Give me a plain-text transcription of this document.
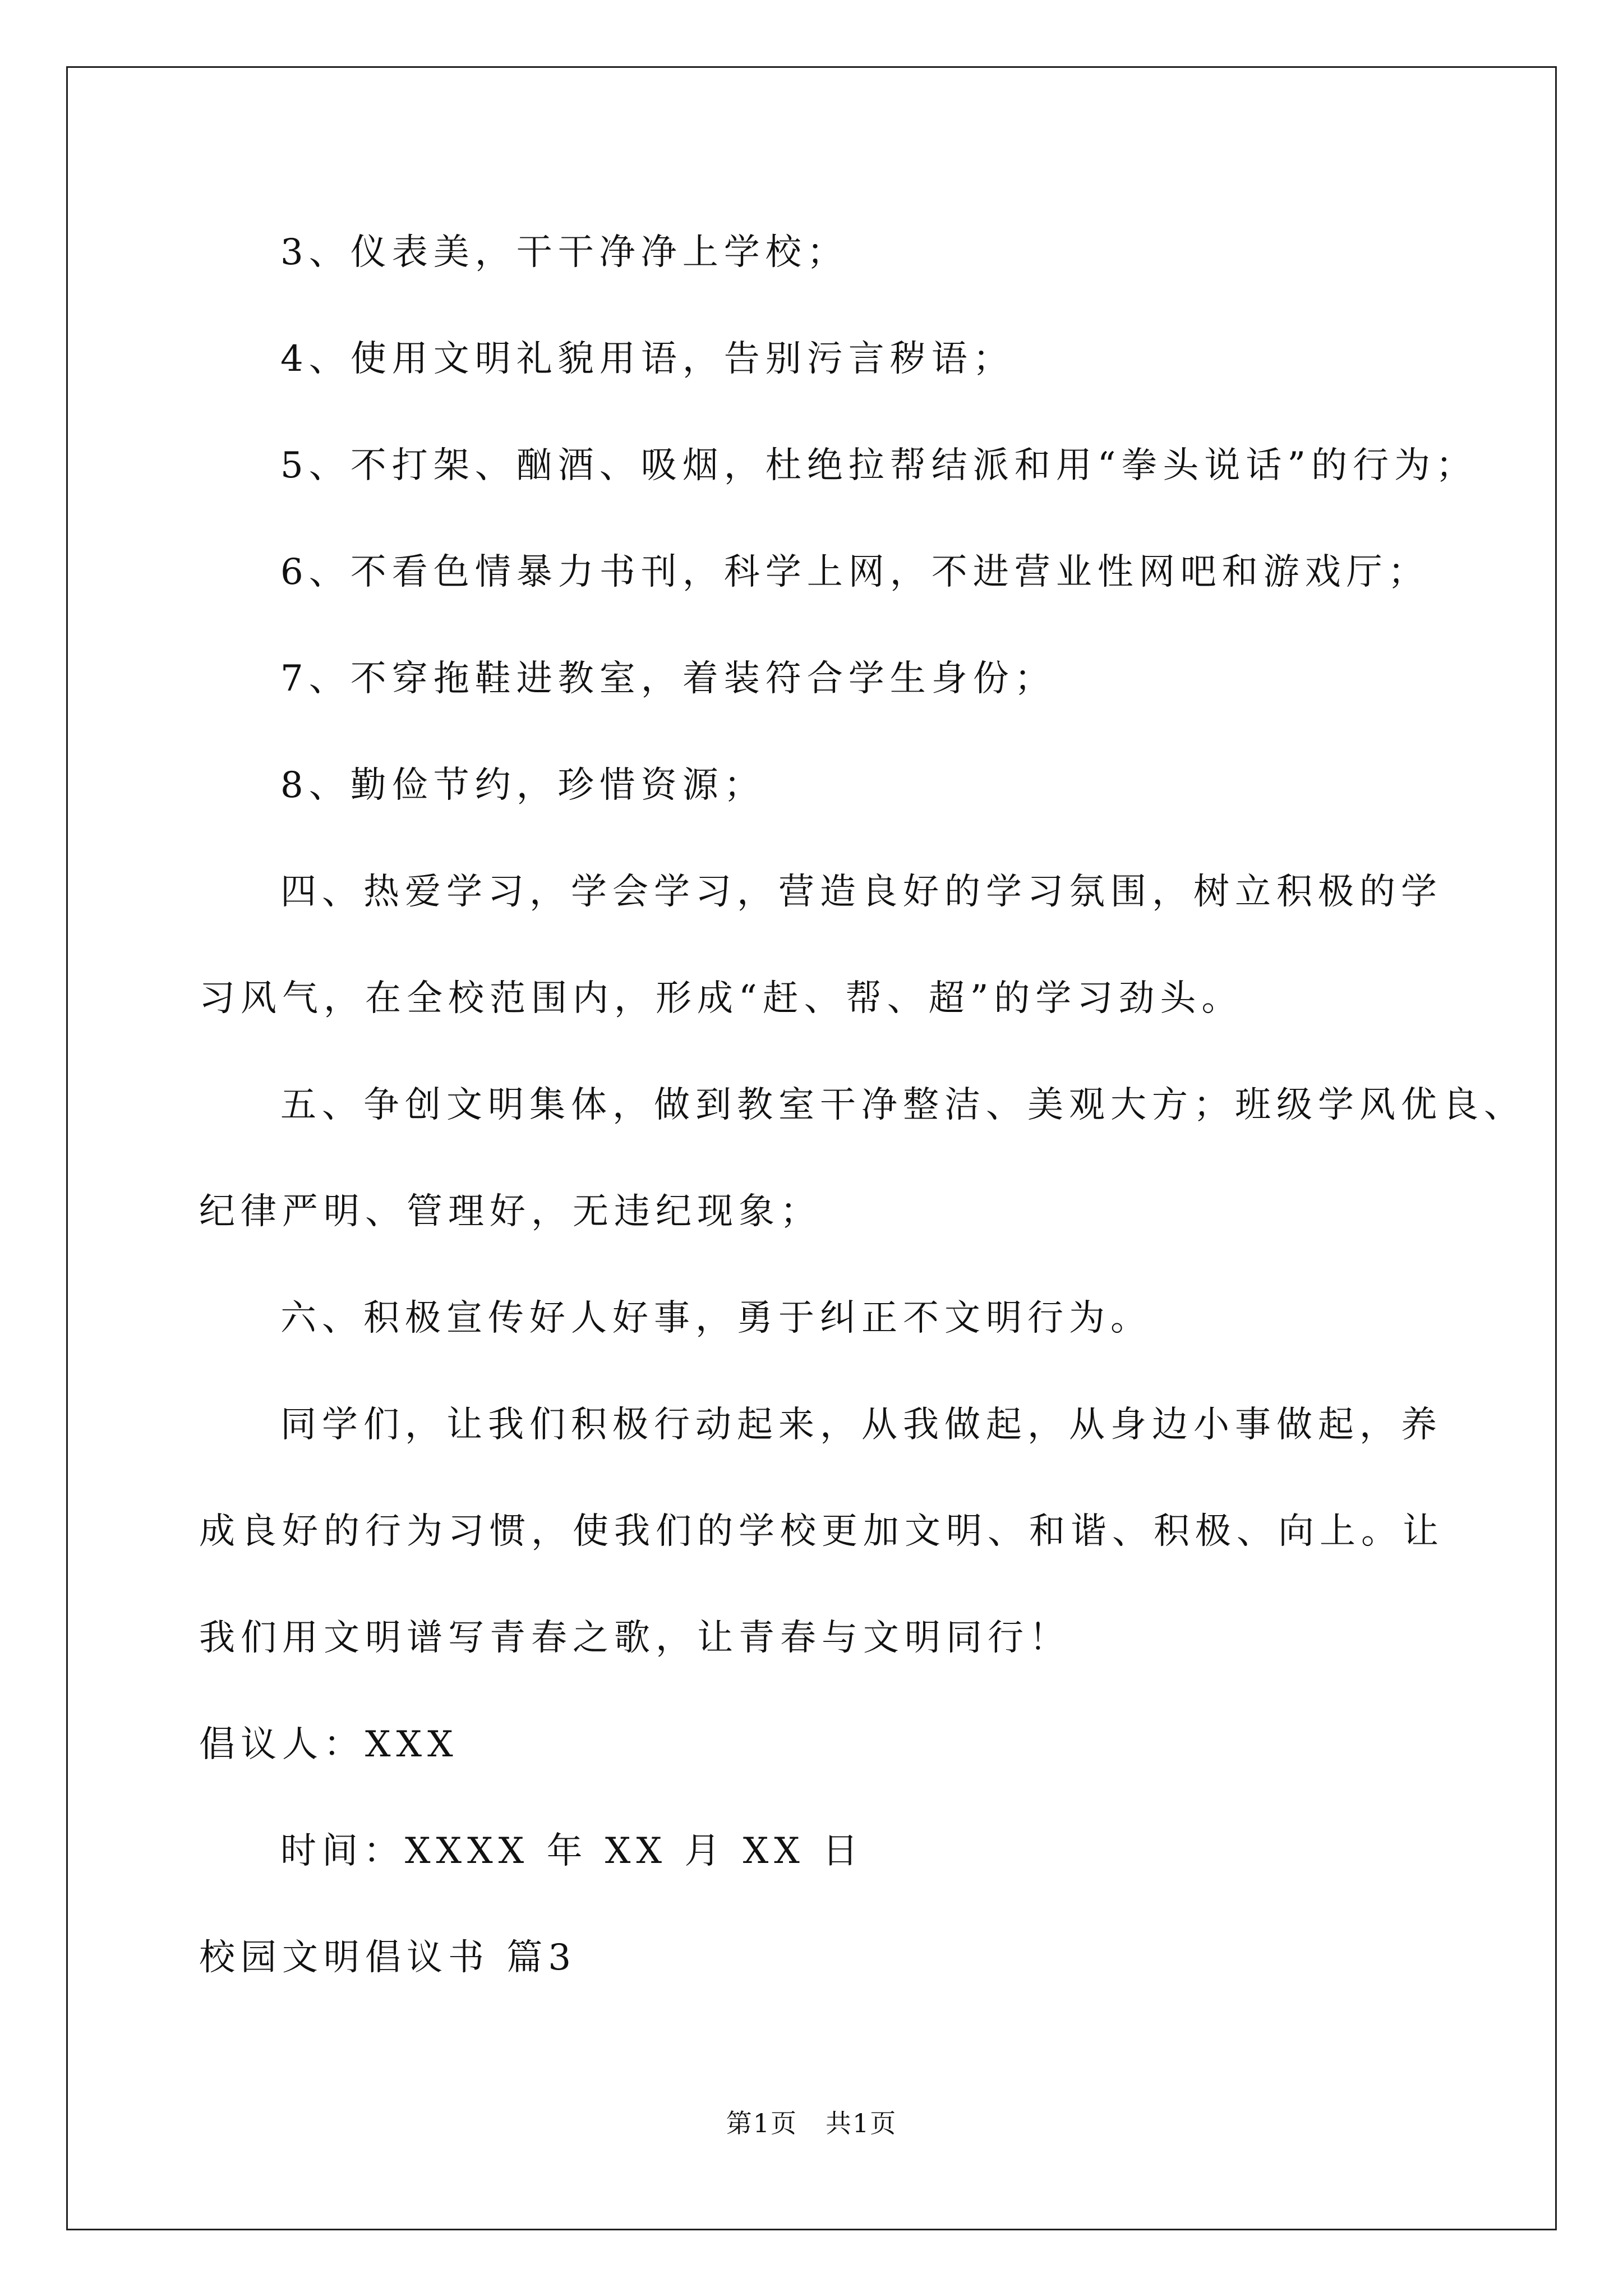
3、仪表美，干干净净上学校；
4、使用文明礼貌用语，告别污言秽语；
5、不打架、酗酒、吸烟，杜绝拉帮结派和用“拳头说话”的行为；
6、不看色情暴力书刊，科学上网，不进营业性网吧和游戏厅；
7、不穿拖鞋进教室，着装符合学生身份；
8、勤俭节约，珍惜资源；
四、热爱学习，学会学习，营造良好的学习氛围，树立积极的学
习风气，在全校范围内，形成“赶、帮、超”的学习劲头。
五、争创文明集体，做到教室干净整洁、美观大方；班级学风优良、
纪律严明、管理好，无违纪现象；
六、积极宣传好人好事，勇于纠正不文明行为。
同学们，让我们积极行动起来，从我做起，从身边小事做起，养
成良好的行为习惯，使我们的学校更加文明、和谐、积极、向上。让
我们用文明谱写青春之歌，让青春与文明同行！
倡议人：XXX
时间：XXXX 年 XX 月 XX 日
校园文明倡议书 篇3
第1页 共1页
